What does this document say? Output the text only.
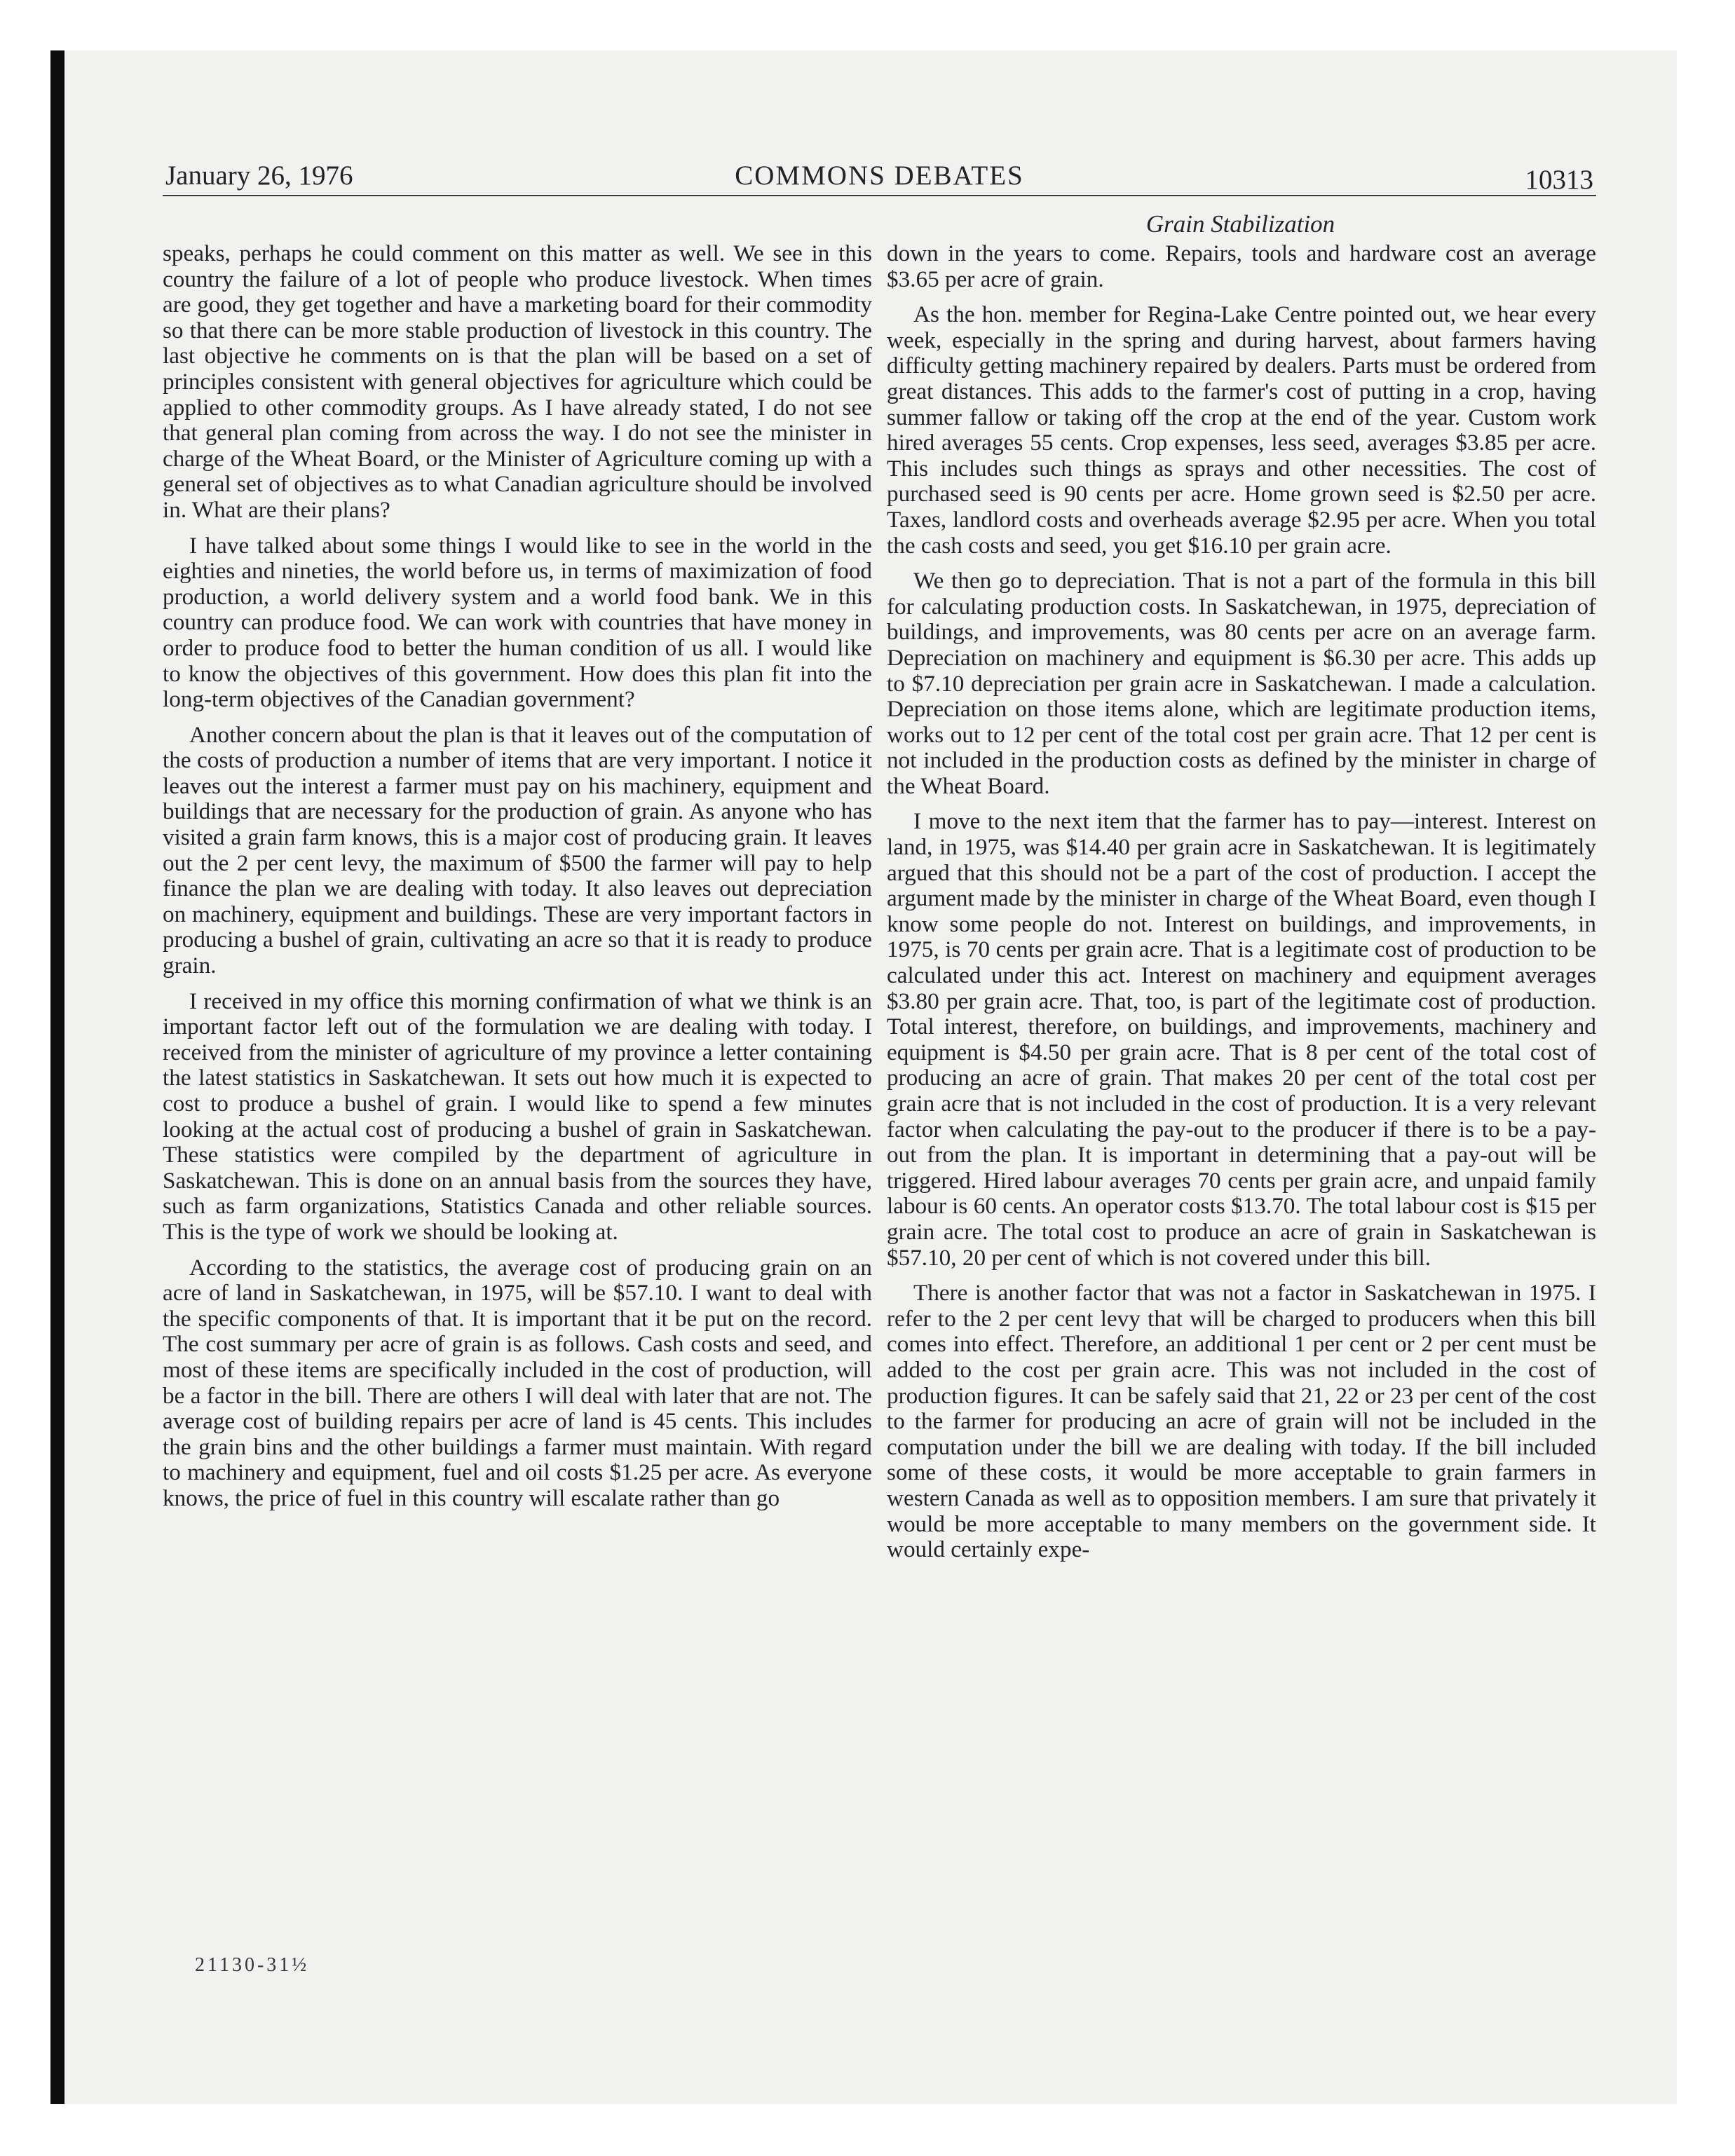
January 26, 1976	COMMONS DEBATES	10313
Grain Stabilization

speaks, perhaps he could comment on this matter as well. We see in this country the failure of a lot of people who produce livestock. When times are good, they get together and have a marketing board for their commodity so that there can be more stable production of livestock in this country. The last objective he comments on is that the plan will be based on a set of principles consistent with general objectives for agriculture which could be applied to other commodity groups. As I have already stated, I do not see that general plan coming from across the way. I do not see the minister in charge of the Wheat Board, or the Minister of Agriculture coming up with a general set of objectives as to what Canadian agriculture should be involved in. What are their plans?

I have talked about some things I would like to see in the world in the eighties and nineties, the world before us, in terms of maximization of food production, a world delivery system and a world food bank. We in this country can produce food. We can work with countries that have money in order to produce food to better the human condition of us all. I would like to know the objectives of this government. How does this plan fit into the long-term objectives of the Canadian government?

Another concern about the plan is that it leaves out of the computation of the costs of production a number of items that are very important. I notice it leaves out the interest a farmer must pay on his machinery, equipment and buildings that are necessary for the production of grain. As anyone who has visited a grain farm knows, this is a major cost of producing grain. It leaves out the 2 per cent levy, the maximum of $500 the farmer will pay to help finance the plan we are dealing with today. It also leaves out depreciation on machinery, equipment and buildings. These are very important factors in producing a bushel of grain, cultivating an acre so that it is ready to produce grain.

I received in my office this morning confirmation of what we think is an important factor left out of the formulation we are dealing with today. I received from the minister of agriculture of my province a letter containing the latest statistics in Saskatchewan. It sets out how much it is expected to cost to produce a bushel of grain. I would like to spend a few minutes looking at the actual cost of producing a bushel of grain in Saskatchewan. These statistics were compiled by the department of agriculture in Saskatchewan. This is done on an annual basis from the sources they have, such as farm organizations, Statistics Canada and other reliable sources. This is the type of work we should be looking at.

According to the statistics, the average cost of producing grain on an acre of land in Saskatchewan, in 1975, will be $57.10. I want to deal with the specific components of that. It is important that it be put on the record. The cost summary per acre of grain is as follows. Cash costs and seed, and most of these items are specifically included in the cost of production, will be a factor in the bill. There are others I will deal with later that are not. The average cost of building repairs per acre of land is 45 cents. This includes the grain bins and the other buildings a farmer must maintain. With regard to machinery and equipment, fuel and oil costs $1.25 per acre. As everyone knows, the price of fuel in this country will escalate rather than go

down in the years to come. Repairs, tools and hardware cost an average $3.65 per acre of grain.

As the hon. member for Regina-Lake Centre pointed out, we hear every week, especially in the spring and during harvest, about farmers having difficulty getting machinery repaired by dealers. Parts must be ordered from great distances. This adds to the farmer's cost of putting in a crop, having summer fallow or taking off the crop at the end of the year. Custom work hired averages 55 cents. Crop expenses, less seed, averages $3.85 per acre. This includes such things as sprays and other necessities. The cost of purchased seed is 90 cents per acre. Home grown seed is $2.50 per acre. Taxes, landlord costs and overheads average $2.95 per acre. When you total the cash costs and seed, you get $16.10 per grain acre.

We then go to depreciation. That is not a part of the formula in this bill for calculating production costs. In Saskatchewan, in 1975, depreciation of buildings, and improvements, was 80 cents per acre on an average farm. Depreciation on machinery and equipment is $6.30 per acre. This adds up to $7.10 depreciation per grain acre in Saskatchewan. I made a calculation. Depreciation on those items alone, which are legitimate production items, works out to 12 per cent of the total cost per grain acre. That 12 per cent is not included in the production costs as defined by the minister in charge of the Wheat Board.

I move to the next item that the farmer has to pay—interest. Interest on land, in 1975, was $14.40 per grain acre in Saskatchewan. It is legitimately argued that this should not be a part of the cost of production. I accept the argument made by the minister in charge of the Wheat Board, even though I know some people do not. Interest on buildings, and improvements, in 1975, is 70 cents per grain acre. That is a legitimate cost of production to be calculated under this act. Interest on machinery and equipment averages $3.80 per grain acre. That, too, is part of the legitimate cost of production. Total interest, therefore, on buildings, and improvements, machinery and equipment is $4.50 per grain acre. That is 8 per cent of the total cost of producing an acre of grain. That makes 20 per cent of the total cost per grain acre that is not included in the cost of production. It is a very relevant factor when calculating the pay-out to the producer if there is to be a pay-out from the plan. It is important in determining that a pay-out will be triggered. Hired labour averages 70 cents per grain acre, and unpaid family labour is 60 cents. An operator costs $13.70. The total labour cost is $15 per grain acre. The total cost to produce an acre of grain in Saskatchewan is $57.10, 20 per cent of which is not covered under this bill.

There is another factor that was not a factor in Saskatchewan in 1975. I refer to the 2 per cent levy that will be charged to producers when this bill comes into effect. Therefore, an additional 1 per cent or 2 per cent must be added to the cost per grain acre. This was not included in the cost of production figures. It can be safely said that 21, 22 or 23 per cent of the cost to the farmer for producing an acre of grain will not be included in the computation under the bill we are dealing with today. If the bill included some of these costs, it would be more acceptable to grain farmers in western Canada as well as to opposition members. I am sure that privately it would be more acceptable to many members on the government side. It would certainly expe-

21130-31½
